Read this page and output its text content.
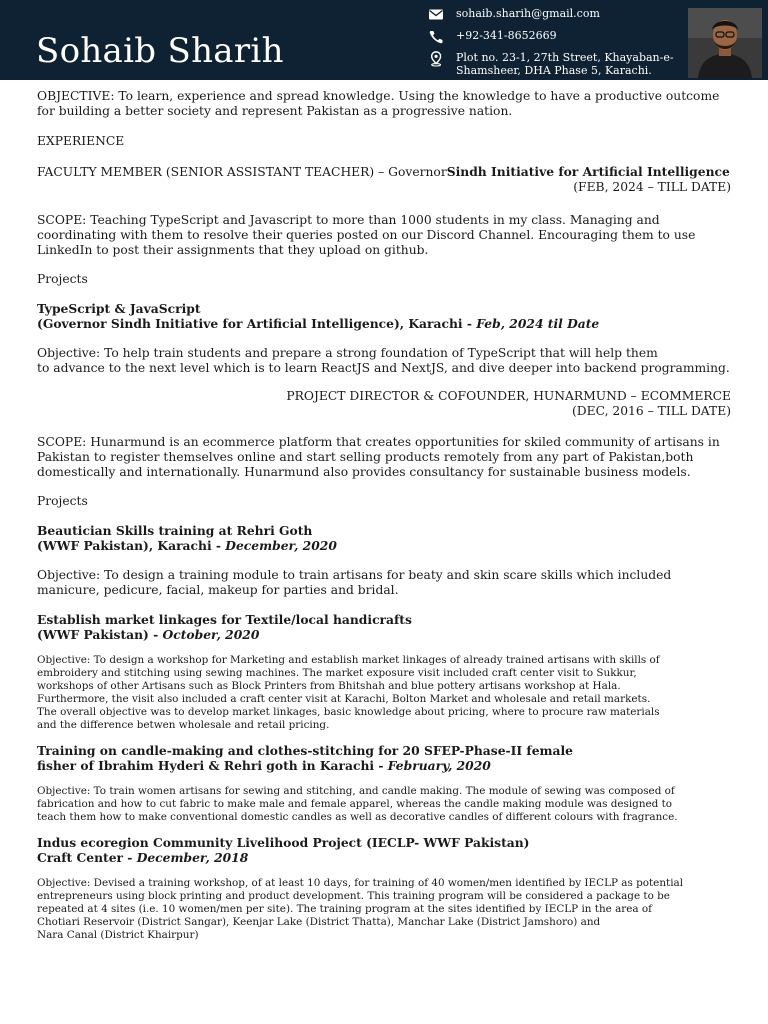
Sohaib Sharih
sohaib.sharih@gmail.com
+92-341-8652669
Plot no. 23-1, 27th Street, Khayaban-e-
Shamsheer, DHA Phase 5, Karachi.

OBJECTIVE: To learn, experience and spread knowledge. Using the knowledge to have a productive outcome

for building a better society and represent Pakistan as a progressive nation.

EXPERIENCE

FACULTY MEMBER (SENIOR ASSISTANT TEACHER) – GovernorSindh Initiative for Artificial Intelligence

(FEB, 2024 – TILL DATE)

SCOPE: Teaching TypeScript and Javascript to more than 1000 students in my class. Managing and

coordinating with them to resolve their queries posted on our Discord Channel. Encouraging them to use

LinkedIn to post their assignments that they upload on github.

Projects

TypeScript & JavaScript

(Governor Sindh Initiative for Artificial Intelligence), Karachi - Feb, 2024 til Date

Objective: To help train students and prepare a strong foundation of TypeScript that will help them

to advance to the next level which is to learn ReactJS and NextJS, and dive deeper into backend programming.

PROJECT DIRECTOR & COFOUNDER, HUNARMUND – ECOMMERCE

(DEC, 2016 – TILL DATE)

SCOPE: Hunarmund is an ecommerce platform that creates opportunities for skiled community of artisans in

Pakistan to register themselves online and start selling products remotely from any part of Pakistan,both

domestically and internationally. Hunarmund also provides consultancy for sustainable business models.

Projects

Beautician Skills training at Rehri Goth

(WWF Pakistan), Karachi - December, 2020

Objective: To design a training module to train artisans for beaty and skin scare skills which included

manicure, pedicure, facial, makeup for parties and bridal.

Establish market linkages for Textile/local handicrafts

(WWF Pakistan) - October, 2020

Objective: To design a workshop for Marketing and establish market linkages of already trained artisans with skills of

embroidery and stitching using sewing machines. The market exposure visit included craft center visit to Sukkur,

workshops of other Artisans such as Block Printers from Bhitshah and blue pottery artisans workshop at Hala.

Furthermore, the visit also included a craft center visit at Karachi, Bolton Market and wholesale and retail markets.

The overall objective was to develop market linkages, basic knowledge about pricing, where to procure raw materials

and the difference betwen wholesale and retail pricing.

Training on candle-making and clothes-stitching for 20 SFEP-Phase-II female

fisher of Ibrahim Hyderi & Rehri goth in Karachi - February, 2020

Objective: To train women artisans for sewing and stitching, and candle making. The module of sewing was composed of

fabrication and how to cut fabric to make male and female apparel, whereas the candle making module was designed to

teach them how to make conventional domestic candles as well as decorative candles of different colours with fragrance.

Indus ecoregion Community Livelihood Project (IECLP- WWF Pakistan)

Craft Center - December, 2018

Objective: Devised a training workshop, of at least 10 days, for training of 40 women/men identified by IECLP as potential

entrepreneurs using block printing and product development. This training program will be considered a package to be

repeated at 4 sites (i.e. 10 women/men per site). The training program at the sites identified by IECLP in the area of

Chotiari Reservoir (District Sangar), Keenjar Lake (District Thatta), Manchar Lake (District Jamshoro) and

Nara Canal (District Khairpur)
